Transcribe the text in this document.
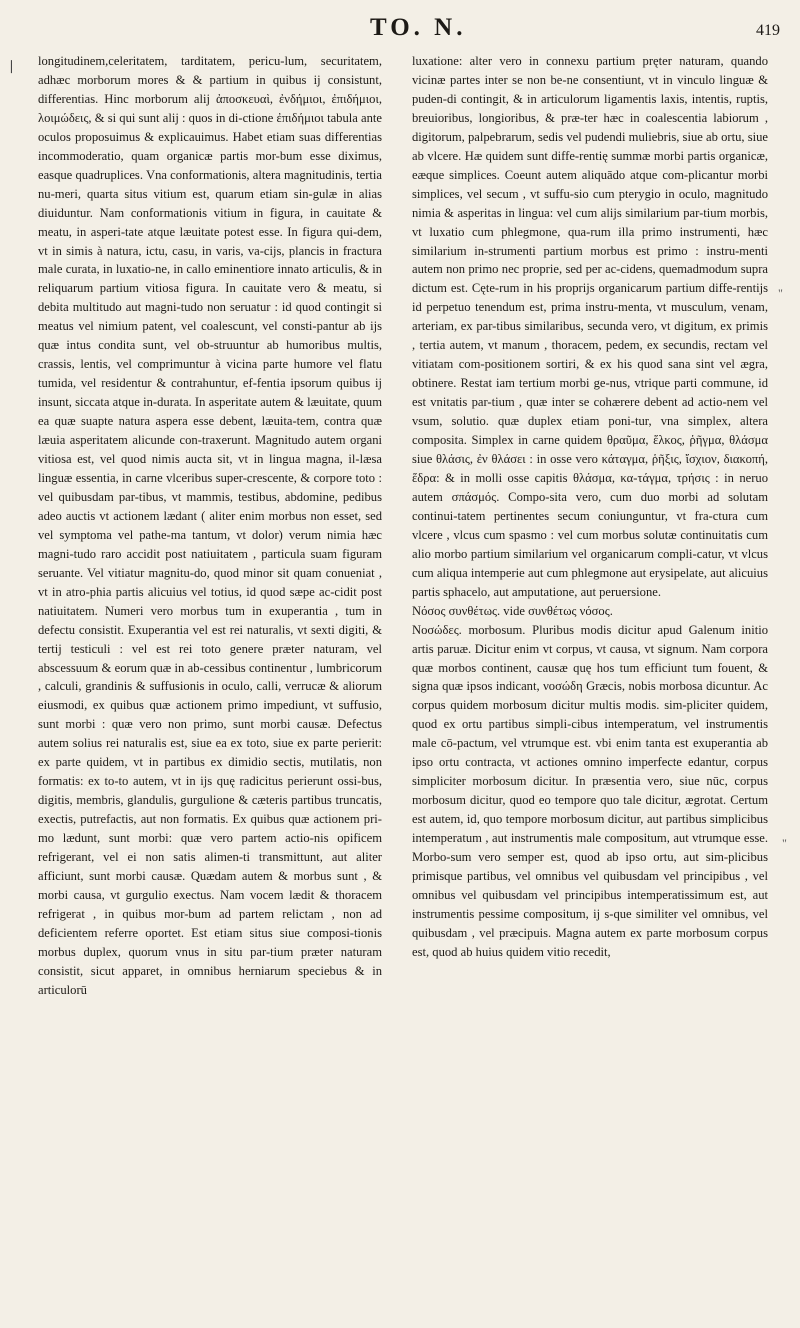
TO. N.	419
❘ longitudinem,celeritatem, tarditatem, pericu-lum, securitatem, adhæc morborum mores & & partium in quibus ij consistunt, differentias. Hinc morborum alij ἀποσκευαὶ, ἐνδήμιοι, ἐπιδήμιοι, λοιμώδεις, & si qui sunt alij : quos in di-ctione ἐπιδήμιοι tabula ante oculos proposuimus & explicauimus. Habet etiam suas differentias incommoderatio, quam organicæ partis mor-bum esse diximus, easque quadruplices. Vna conformationis, altera magnitudinis, tertia nu-meri, quarta situs vitium est, quarum etiam sin-gulæ in alias diuiduntur. Nam conformationis vitium in figura, in cauitate & meatu, in asperi-tate atque læuitate potest esse. In figura qui-dem, vt in simis à natura, ictu, casu, in varis, va-cijs, plancis in fractura male curata, in luxatio-ne, in callo eminentiore innato articulis, & in reliquarum partium vitiosa figura. In cauitate vero & meatu, si debita multitudo aut magni-tudo non seruatur : id quod contingit si meatus vel nimium patent, vel coalescunt, vel consti-pantur ab ijs quæ intus condita sunt, vel ob-struuntur ab humoribus multis, crassis, lentis, vel comprimuntur à vicina parte humore vel flatu tumida, vel residentur & contrahuntur, ef-fentia ipsorum quibus ij insunt, siccata atque in-durata. In asperitate autem & læuitate, quum ea quæ suapte natura aspera esse debent, læuita-tem, contra quæ læuia asperitatem alicunde con-traxerunt. Magnitudo autem organi vitiosa est, vel quod nimis aucta sit, vt in lingua magna, il-læsa linguæ essentia, in carne vlceribus super-crescente, & corpore toto : vel quibusdam par-tibus, vt mammis, testibus, abdomine, pedibus adeo auctis vt actionem lædant ( aliter enim morbus non esset, sed vel symptoma vel pathe-ma tantum, vt dolor) verum nimia hæc magni-tudo raro accidit post natiuitatem , particula suam figuram seruante. Vel vitiatur magnitu-do, quod minor sit quam conueniat , vt in atro-phia partis alicuius vel totius, id quod sæpe ac-cidit post natiuitatem. Numeri vero morbus tum in exuperantia , tum in defectu consistit. Exuperantia vel est rei naturalis, vt sexti digiti, & tertij testiculi : vel est rei toto genere præter naturam, vel abscessuum & eorum quæ in ab-cessibus continentur , lumbricorum , calculi, grandinis & suffusionis in oculo, calli, verrucæ & aliorum eiusmodi, ex quibus quæ actionem primo impediunt, vt suffusio, sunt morbi : quæ vero non primo, sunt morbi causæ. Defectus autem solius rei naturalis est, siue ea ex toto, siue ex parte perierit: ex parte quidem, vt in partibus ex dimidio sectis, mutilatis, non formatis: ex to-to autem, vt in ijs quę radicitus perierunt ossi-bus, digitis, membris, glandulis, gurgulione & cæteris partibus truncatis, exectis, putrefactis, aut non formatis. Ex quibus quæ actionem pri-mo lædunt, sunt morbi: quæ vero partem actio-nis opificem refrigerant, vel ei non satis alimen-ti transmittunt, aut aliter afficiunt, sunt morbi causæ. Quædam autem & morbus sunt , & morbi causa, vt gurgulio exectus. Nam vocem lædit & thoracem refrigerat , in quibus mor-bum ad partem relictam , non ad deficientem referre oportet. Est etiam situs siue composi-tionis morbus duplex, quorum vnus in situ par-tium præter naturam consistit, sicut apparet, in omnibus herniarum speciebus & in articulorū

luxatione: alter vero in connexu partium pręter naturam, quando vicinæ partes inter se non be-ne consentiunt, vt in vinculo linguæ & puden-di contingit, & in articulorum ligamentis laxis, intentis, ruptis, breuioribus, longioribus, & præ-ter hæc in coalescentia labiorum , digitorum, palpebrarum, sedis vel pudendi muliebris, siue ab ortu, siue ab vlcere. Hæ quidem sunt diffe-rentię summæ morbi partis organicæ, eæque simplices. Coeunt autem aliquādo atque com-plicantur morbi simplices, vel secum , vt suffu-sio cum pterygio in oculo, magnitudo nimia & asperitas in lingua: vel cum alijs similarium par-tium morbis, vt luxatio cum phlegmone, qua-rum illa primo instrumenti, hæc similarium in-strumenti partium morbus est primo : instru-menti autem non primo nec proprie, sed per ac-cidens, quemadmodum supra dictum est. Cęte-rum in his proprijs organicarum partium diffe-rentijs id perpetuo tenendum est, prima instru-menta, vt musculum, venam, arteriam, ex par-tibus similaribus, secunda vero, vt digitum, ex primis , tertia autem, vt manum , thoracem, pedem, ex secundis, rectam vel vitiatam com-positionem sortiri, & ex his quod sana sint vel ægra, obtinere. Restat iam tertium morbi ge-nus, vtrique parti commune, id est vnitatis par-tium , quæ inter se cohærere debent ad actio-nem vel vsum, solutio. quæ duplex etiam poni-tur, vna simplex, altera composita. Simplex in carne quidem θραῦμα, ἕλκος, ῥῆγμα, θλάσμα siue θλάσις, ἐν θλάσει : in osse vero κάταγμα, ῥῆξις, ἴσχιον, διακοπή, ἕδρα: & in molli osse capitis θλάσμα, κα-τάγμα, τρήσις : in neruo autem σπάσμός. Compo-sita vero, cum duo morbi ad solutam continui-tatem pertinentes secum coniunguntur, vt fra-ctura cum vlcere , vlcus cum spasmo : vel cum morbus solutæ continuitatis cum alio morbo partium similarium vel organicarum compli-catur, vt vlcus cum aliqua intemperie aut cum phlegmone aut erysipelate, aut alicuius partis sphacelo, aut amputatione, aut peruersione.

Νόσος συνθέτως. vide συνθέτως νόσος.

Νοσώδες. morbosum. Pluribus modis dicitur apud Galenum initio artis paruæ. Dicitur enim vt corpus, vt causa, vt signum. Nam corpora quæ morbos continent, causæ quę hos tum efficiunt tum fouent, & signa quæ ipsos indicant, νοσώδη Græcis, nobis morbosa dicuntur. Ac corpus quidem morbosum dicitur multis modis. sim-pliciter quidem, quod ex ortu partibus simpli-cibus intemperatum, vel instrumentis male cō-pactum, vel vtrumque est. vbi enim tanta est exuperantia ab ipso ortu contracta, vt actiones omnino imperfecte edantur, corpus simpliciter morbosum dicitur. In præsentia vero, siue nūc, corpus morbosum dicitur, quod eo tempore quo tale dicitur, ægrotat. Certum est autem, id, quo tempore morbosum dicitur, aut partibus simplicibus intemperatum , aut instrumentis male compositum, aut vtrumque esse. Morbo-sum vero semper est, quod ab ipso ortu, aut sim-plicibus primisque partibus, vel omnibus vel quibusdam vel principibus , vel omnibus vel quibusdam vel principibus intemperatissimum est, aut instrumentis pessime compositum, ij s-que similiter vel omnibus, vel quibusdam , vel præcipuis. Magna autem ex parte morbosum corpus est, quod ab huius quidem vitio recedit,

"
"
